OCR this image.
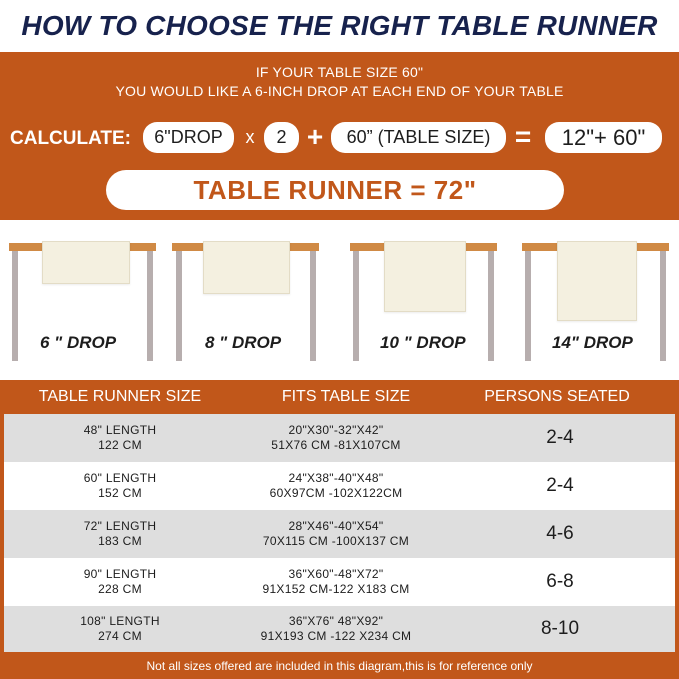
HOW TO CHOOSE THE RIGHT TABLE RUNNER
IF YOUR TABLE SIZE 60"
YOU WOULD LIKE A 6-INCH DROP AT EACH END OF YOUR TABLE
CALCULATE:	6"DROP	x	2 +	60” (TABLE SIZE) =	12"+ 60"
TABLE RUNNER = 72"
6 " DROP	8 " DROP	10 " DROP	14" DROP
TABLE RUNNER SIZE	FITS TABLE SIZE	PERSONS SEATED
48" LENGTH
122 CM
20"X30"-32"X42"
51X76 CM -81X107CM	2-4
60" LENGTH
152 CM
24"X38"-40"X48"
60X97CM -102X122CM	2-4
72" LENGTH
183 CM
28"X46"-40"X54"
70X115 CM -100X137 CM	4-6
90" LENGTH
228 CM
36"X60"-48"X72"
91X152 CM-122 X183 CM	6-8
108" LENGTH
274 CM
36"X76" 48"X92"
91X193 CM -122 X234 CM	8-10
Not all sizes offered are included in this diagram,this is for reference only
